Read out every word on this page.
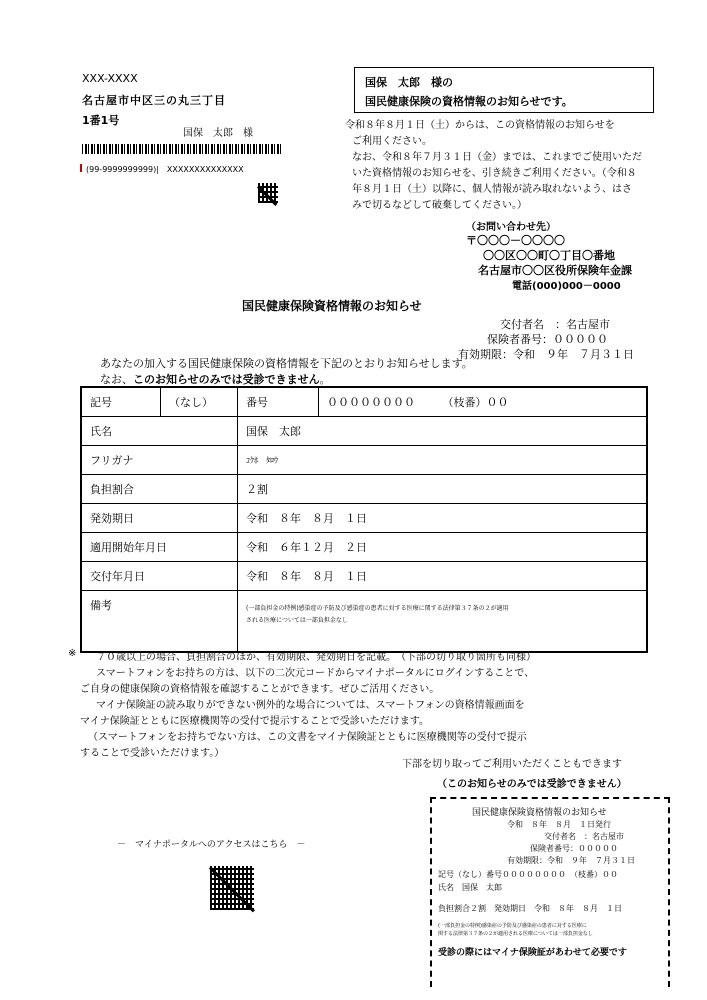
XXX-XXXX
名古屋市中区三の丸三丁目
1番1号
国保　太郎　様
(99-9999999999)|　XXXXXXXXXXXXXX
国保　太郎　様の
国民健康保険の資格情報のお知らせです。
令和８年８月１日（土）からは、この資格情報のお知らせを
ご利用ください。
なお、令和８年７月３１日（金）までは、これまでご使用いただ
いた資格情報のお知らせを、引き続きご利用ください。（令和８
年８月１日（土）以降に、個人情報が読み取れないよう、はさ
みで切るなどして破棄してください。）
（お問い合わせ先）
〒〇〇〇－〇〇〇〇
〇〇区〇〇町〇丁目〇番地
名古屋市〇〇区役所保険年金課
電話(000)000－0000
国民健康保険資格情報のお知らせ
交付者名　：名古屋市
保険者番号：０００００
有効期限：令和　９年　７月３１日
あなたの加入する国民健康保険の資格情報を下記のとおりお知らせします。
なお、このお知らせのみでは受診できません。
記号	（なし）	番号	００００００００　　　（枝番）００
氏名		国保　太郎	
フリガナ		ｺｸﾎ　ﾀﾛｳ	
負担割合		２割	
発効期日		令和　８年　８月　１日	
適用開始年月日		令和　６年１２月　２日	
交付年月日		令和　８年　８月　１日	
備考		(一部負担金の特例)感染症の予防及び感染症の患者に対する医療に関する法律第３７条の２が適用
される医療については一部負担金なし	
※ ７０歳以上の場合、負担割合のほか、有効期限、発効期日を記載。　（下部の切り取り箇所も同様）
スマートフォンをお持ちの方は、以下の二次元コードからマイナポータルにログインすることで、
ご自身の健康保険の資格情報を確認することができます。ぜひご活用ください。
マイナ保険証の読み取りができない例外的な場合については、スマートフォンの資格情報画面を
マイナ保険証とともに医療機関等の受付で提示することで受診いただけます。
（スマートフォンをお持ちでない方は、この文書をマイナ保険証とともに医療機関等の受付で提示
することで受診いただけます。）
下部を切り取ってご利用いただくこともできます
（このお知らせのみでは受診できません）
－　マイナポータルへのアクセスはこちら　－
国民健康保険資格情報のお知らせ
令和　８年　８月　１日発行
交付者名　：名古屋市
保険者番号：０００００
有効期限：令和　９年　７月３１日
記号（なし）番号００００００００　（枝番）００
氏名　国保　太郎
負担割合２割　発効期日　令和　８年　８月　１日
(一部負担金の特例)感染症の予防及び感染症の患者に対する医療に
関する法律第３７条の２が適用される医療については一部負担金なし
受診の際にはマイナ保険証があわせて必要です
